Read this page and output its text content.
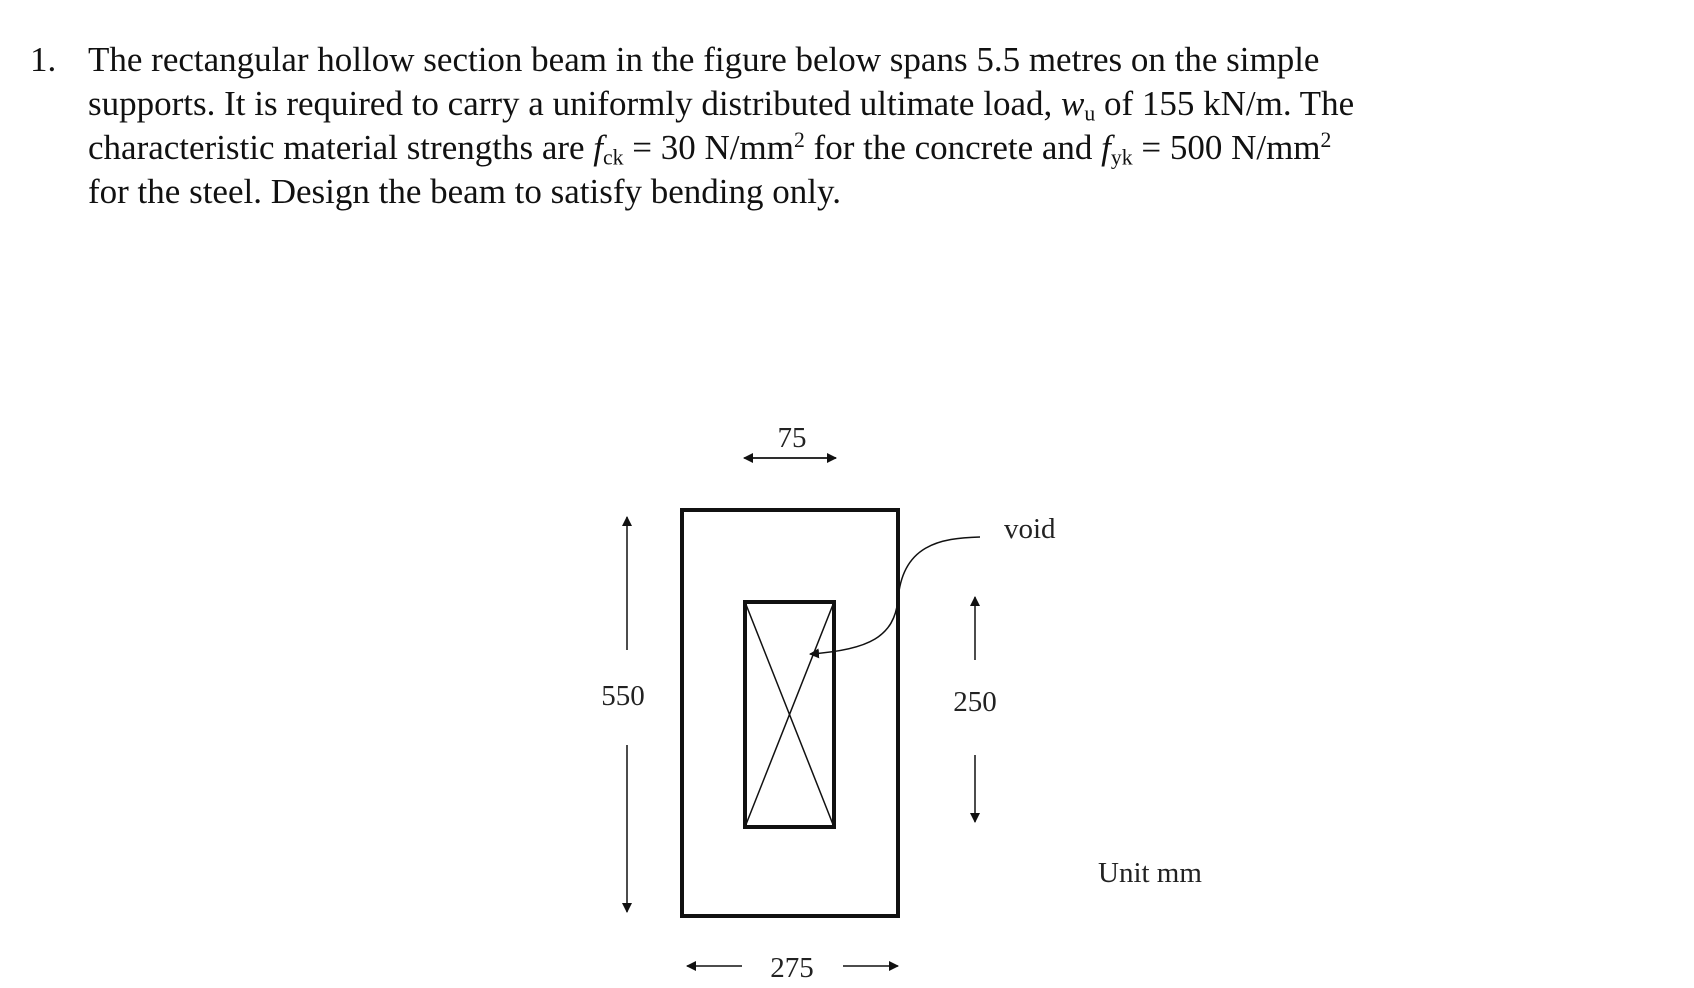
1. The rectangular hollow section beam in the figure below spans 5.5 metres on the simple
supports. It is required to carry a uniformly distributed ultimate load, $w_u$ of 155 kN/m. The
characteristic material strengths are $f_{ck} = 30$ $N/mm^2$ for the concrete and $f_{yk} = 500$ $N/mm^2$
for the steel. Design the beam to satisfy bending only.
75
550	250
275
void
Unit mm
